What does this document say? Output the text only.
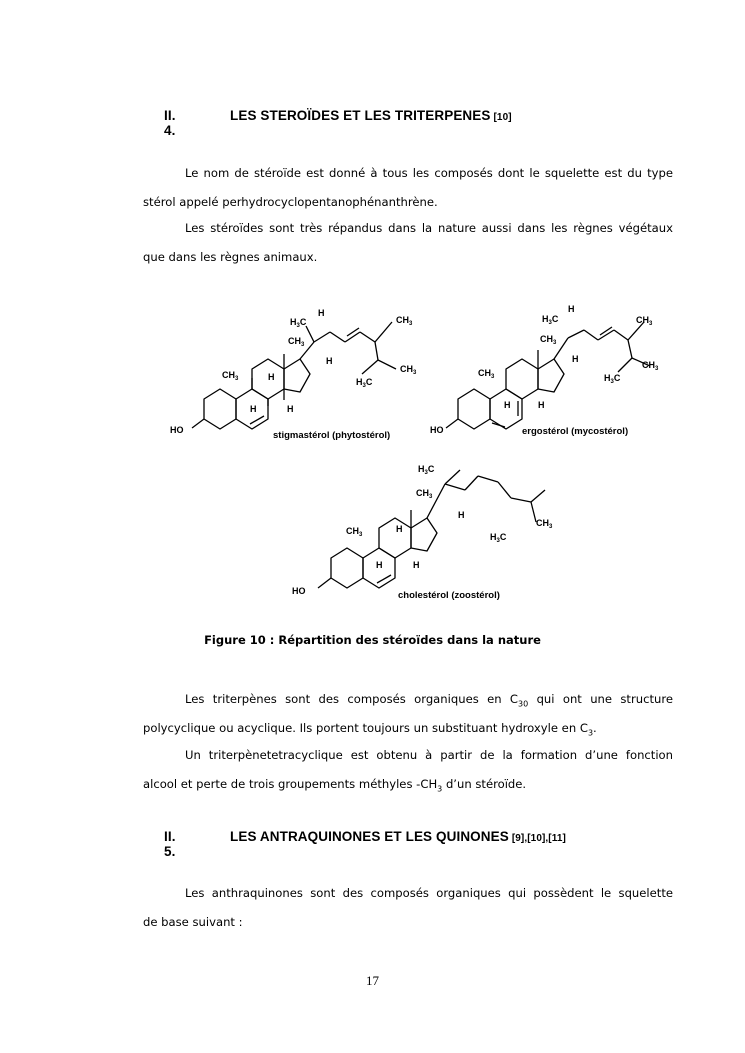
II. 4.
LES STEROÏDES ET LES TRITERPENES [10]
Le nom de stéroïde est donné à tous les composés dont le squelette est du type
stérol appelé perhydrocyclopentanophénanthrène.
Les stéroïdes sont très répandus dans la nature aussi dans les règnes végétaux
que dans les règnes animaux.
HO
$CH_3$
$CH_3$
$H_3C$
H
$CH_3$
$CH_3$
$H_3C$
H
H
H	H
stigmastérol (phytostérol)	HO
$CH_3$
$CH_3$
$H_3C$
H
$CH_3$
$CH_3$
$H_3C$
H
H	H
ergostérol (mycostérol)
HO
$CH_3$
$CH_3$
$H_3C$
$CH_3$
$H_3C$
H
H
H	H
cholestérol (zoostérol)
Figure 10 : Répartition des stéroïdes dans la nature
Les triterpènes sont des composés organiques en $C_{30}$ qui ont une structure
polycyclique ou acyclique. Ils portent toujours un substituant hydroxyle en $C_3$.
Un triterpènetetracyclique est obtenu à partir de la formation d’une fonction
alcool et perte de trois groupements méthyles $-CH_3$ d’un stéroïde.
II. 5.
LES ANTRAQUINONES ET LES QUINONES [9],[10],[11]
Les anthraquinones sont des composés organiques qui possèdent le squelette
de base suivant :
17
